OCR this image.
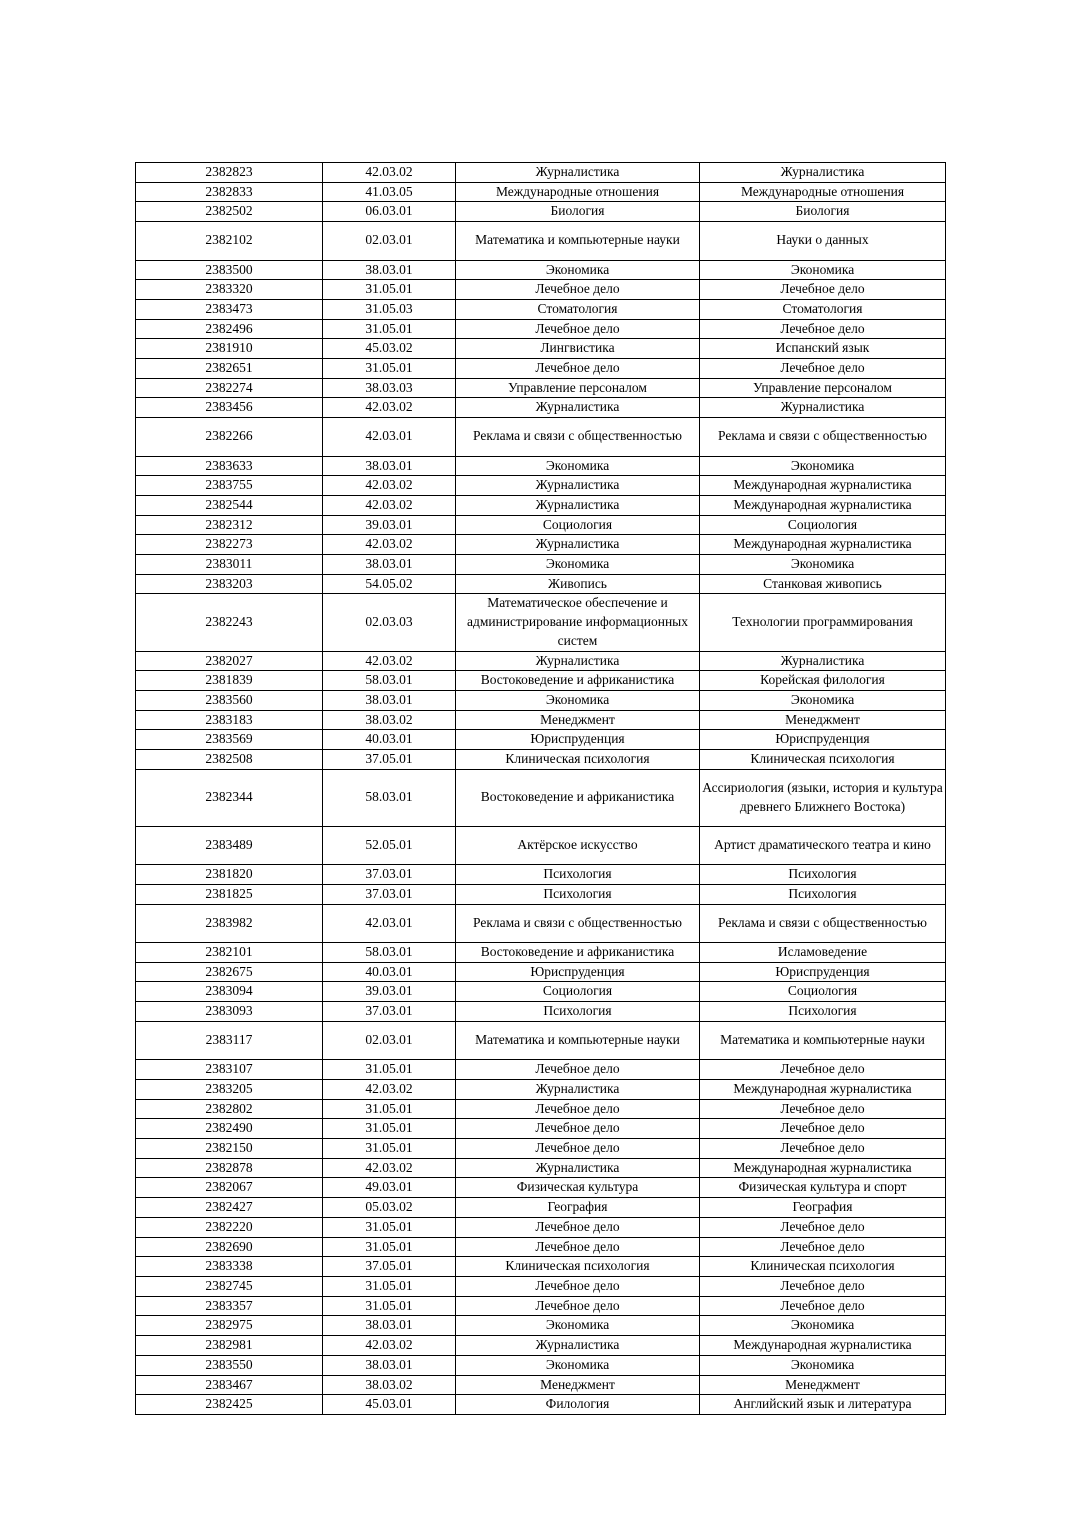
2382823	42.03.02	Журналистика	Журналистика
2382833	41.03.05	Международные отношения	Международные отношения
2382502	06.03.01	Биология	Биология
2382102	02.03.01	Математика и компьютерные науки	Науки о данных
2383500	38.03.01	Экономика	Экономика
2383320	31.05.01	Лечебное дело	Лечебное дело
2383473	31.05.03	Стоматология	Стоматология
2382496	31.05.01	Лечебное дело	Лечебное дело
2381910	45.03.02	Лингвистика	Испанский язык
2382651	31.05.01	Лечебное дело	Лечебное дело
2382274	38.03.03	Управление персоналом	Управление персоналом
2383456	42.03.02	Журналистика	Журналистика
2382266	42.03.01	Реклама и связи с общественностью	Реклама и связи с общественностью
2383633	38.03.01	Экономика	Экономика
2383755	42.03.02	Журналистика	Международная журналистика
2382544	42.03.02	Журналистика	Международная журналистика
2382312	39.03.01	Социология	Социология
2382273	42.03.02	Журналистика	Международная журналистика
2383011	38.03.01	Экономика	Экономика
2383203	54.05.02	Живопись	Станковая живопись
2382243	02.03.03	Математическое обеспечение и администрирование информационных систем	Технологии программирования
2382027	42.03.02	Журналистика	Журналистика
2381839	58.03.01	Востоковедение и африканистика	Корейская филология
2383560	38.03.01	Экономика	Экономика
2383183	38.03.02	Менеджмент	Менеджмент
2383569	40.03.01	Юриспруденция	Юриспруденция
2382508	37.05.01	Клиническая психология	Клиническая психология
2382344	58.03.01	Востоковедение и африканистика	Ассириология (языки, история и культура древнего Ближнего Востока)
2383489	52.05.01	Актёрское искусство	Артист драматического театра и кино
2381820	37.03.01	Психология	Психология
2381825	37.03.01	Психология	Психология
2383982	42.03.01	Реклама и связи с общественностью	Реклама и связи с общественностью
2382101	58.03.01	Востоковедение и африканистика	Исламоведение
2382675	40.03.01	Юриспруденция	Юриспруденция
2383094	39.03.01	Социология	Социология
2383093	37.03.01	Психология	Психология
2383117	02.03.01	Математика и компьютерные науки	Математика и компьютерные науки
2383107	31.05.01	Лечебное дело	Лечебное дело
2383205	42.03.02	Журналистика	Международная журналистика
2382802	31.05.01	Лечебное дело	Лечебное дело
2382490	31.05.01	Лечебное дело	Лечебное дело
2382150	31.05.01	Лечебное дело	Лечебное дело
2382878	42.03.02	Журналистика	Международная журналистика
2382067	49.03.01	Физическая культура	Физическая культура и спорт
2382427	05.03.02	География	География
2382220	31.05.01	Лечебное дело	Лечебное дело
2382690	31.05.01	Лечебное дело	Лечебное дело
2383338	37.05.01	Клиническая психология	Клиническая психология
2382745	31.05.01	Лечебное дело	Лечебное дело
2383357	31.05.01	Лечебное дело	Лечебное дело
2382975	38.03.01	Экономика	Экономика
2382981	42.03.02	Журналистика	Международная журналистика
2383550	38.03.01	Экономика	Экономика
2383467	38.03.02	Менеджмент	Менеджмент
2382425	45.03.01	Филология	Английский язык и литература
